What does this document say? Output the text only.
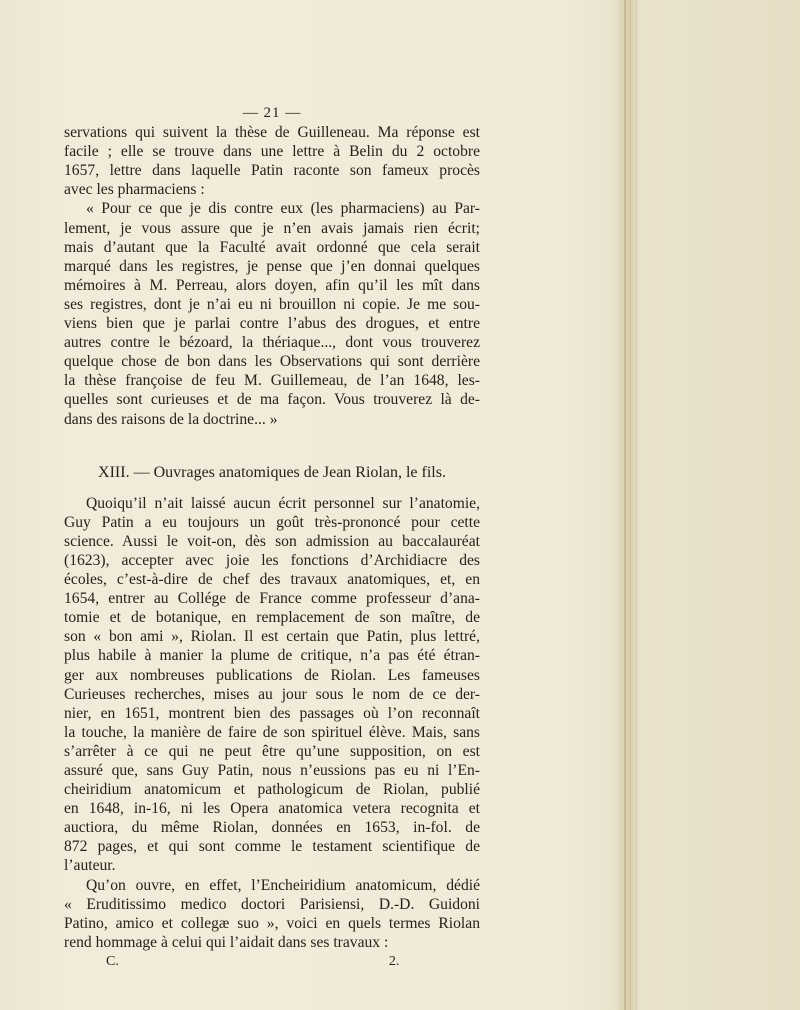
— 21 —
servations qui suivent la thèse de Guilleneau. Ma réponse est
facile ; elle se trouve dans une lettre à Belin du 2 octobre
1657, lettre dans laquelle Patin raconte son fameux procès
avec les pharmaciens :
« Pour ce que je dis contre eux (les pharmaciens) au Par-
lement, je vous assure que je n’en avais jamais rien écrit;
mais d’autant que la Faculté avait ordonné que cela serait
marqué dans les registres, je pense que j’en donnai quelques
mémoires à M. Perreau, alors doyen, afin qu’il les mît dans
ses registres, dont je n’ai eu ni brouillon ni copie. Je me sou-
viens bien que je parlai contre l’abus des drogues, et entre
autres contre le bézoard, la thériaque..., dont vous trouverez
quelque chose de bon dans les Observations qui sont derrière
la thèse françoise de feu M. Guillemeau, de l’an 1648, les-
quelles sont curieuses et de ma façon. Vous trouverez là de-
dans des raisons de la doctrine... »
XIII. — Ouvrages anatomiques de Jean Riolan, le fils.
Quoiqu’il n’ait laissé aucun écrit personnel sur l’anatomie,
Guy Patin a eu toujours un goût très-prononcé pour cette
science. Aussi le voit-on, dès son admission au baccalauréat
(1623), accepter avec joie les fonctions d’Archidiacre des
écoles, c’est-à-dire de chef des travaux anatomiques, et, en
1654, entrer au Collége de France comme professeur d’ana-
tomie et de botanique, en remplacement de son maître, de
son « bon ami », Riolan. Il est certain que Patin, plus lettré,
plus habile à manier la plume de critique, n’a pas été étran-
ger aux nombreuses publications de Riolan. Les fameuses
Curieuses recherches, mises au jour sous le nom de ce der-
nier, en 1651, montrent bien des passages où l’on reconnaît
la touche, la manière de faire de son spirituel élève. Mais, sans
s’arrêter à ce qui ne peut être qu’une supposition, on est
assuré que, sans Guy Patin, nous n’eussions pas eu ni l’En-
cheiridium anatomicum et pathologicum de Riolan, publié
en 1648, in-16, ni les Opera anatomica vetera recognita et
auctiora, du même Riolan, données en 1653, in-fol. de
872 pages, et qui sont comme le testament scientifique de
l’auteur.
Qu’on ouvre, en effet, l’Encheiridium anatomicum, dédié
« Eruditissimo medico doctori Parisiensi, D.-D. Guidoni
Patino, amico et collegæ suo », voici en quels termes Riolan
rend hommage à celui qui l’aidait dans ses travaux :
C.	2.
